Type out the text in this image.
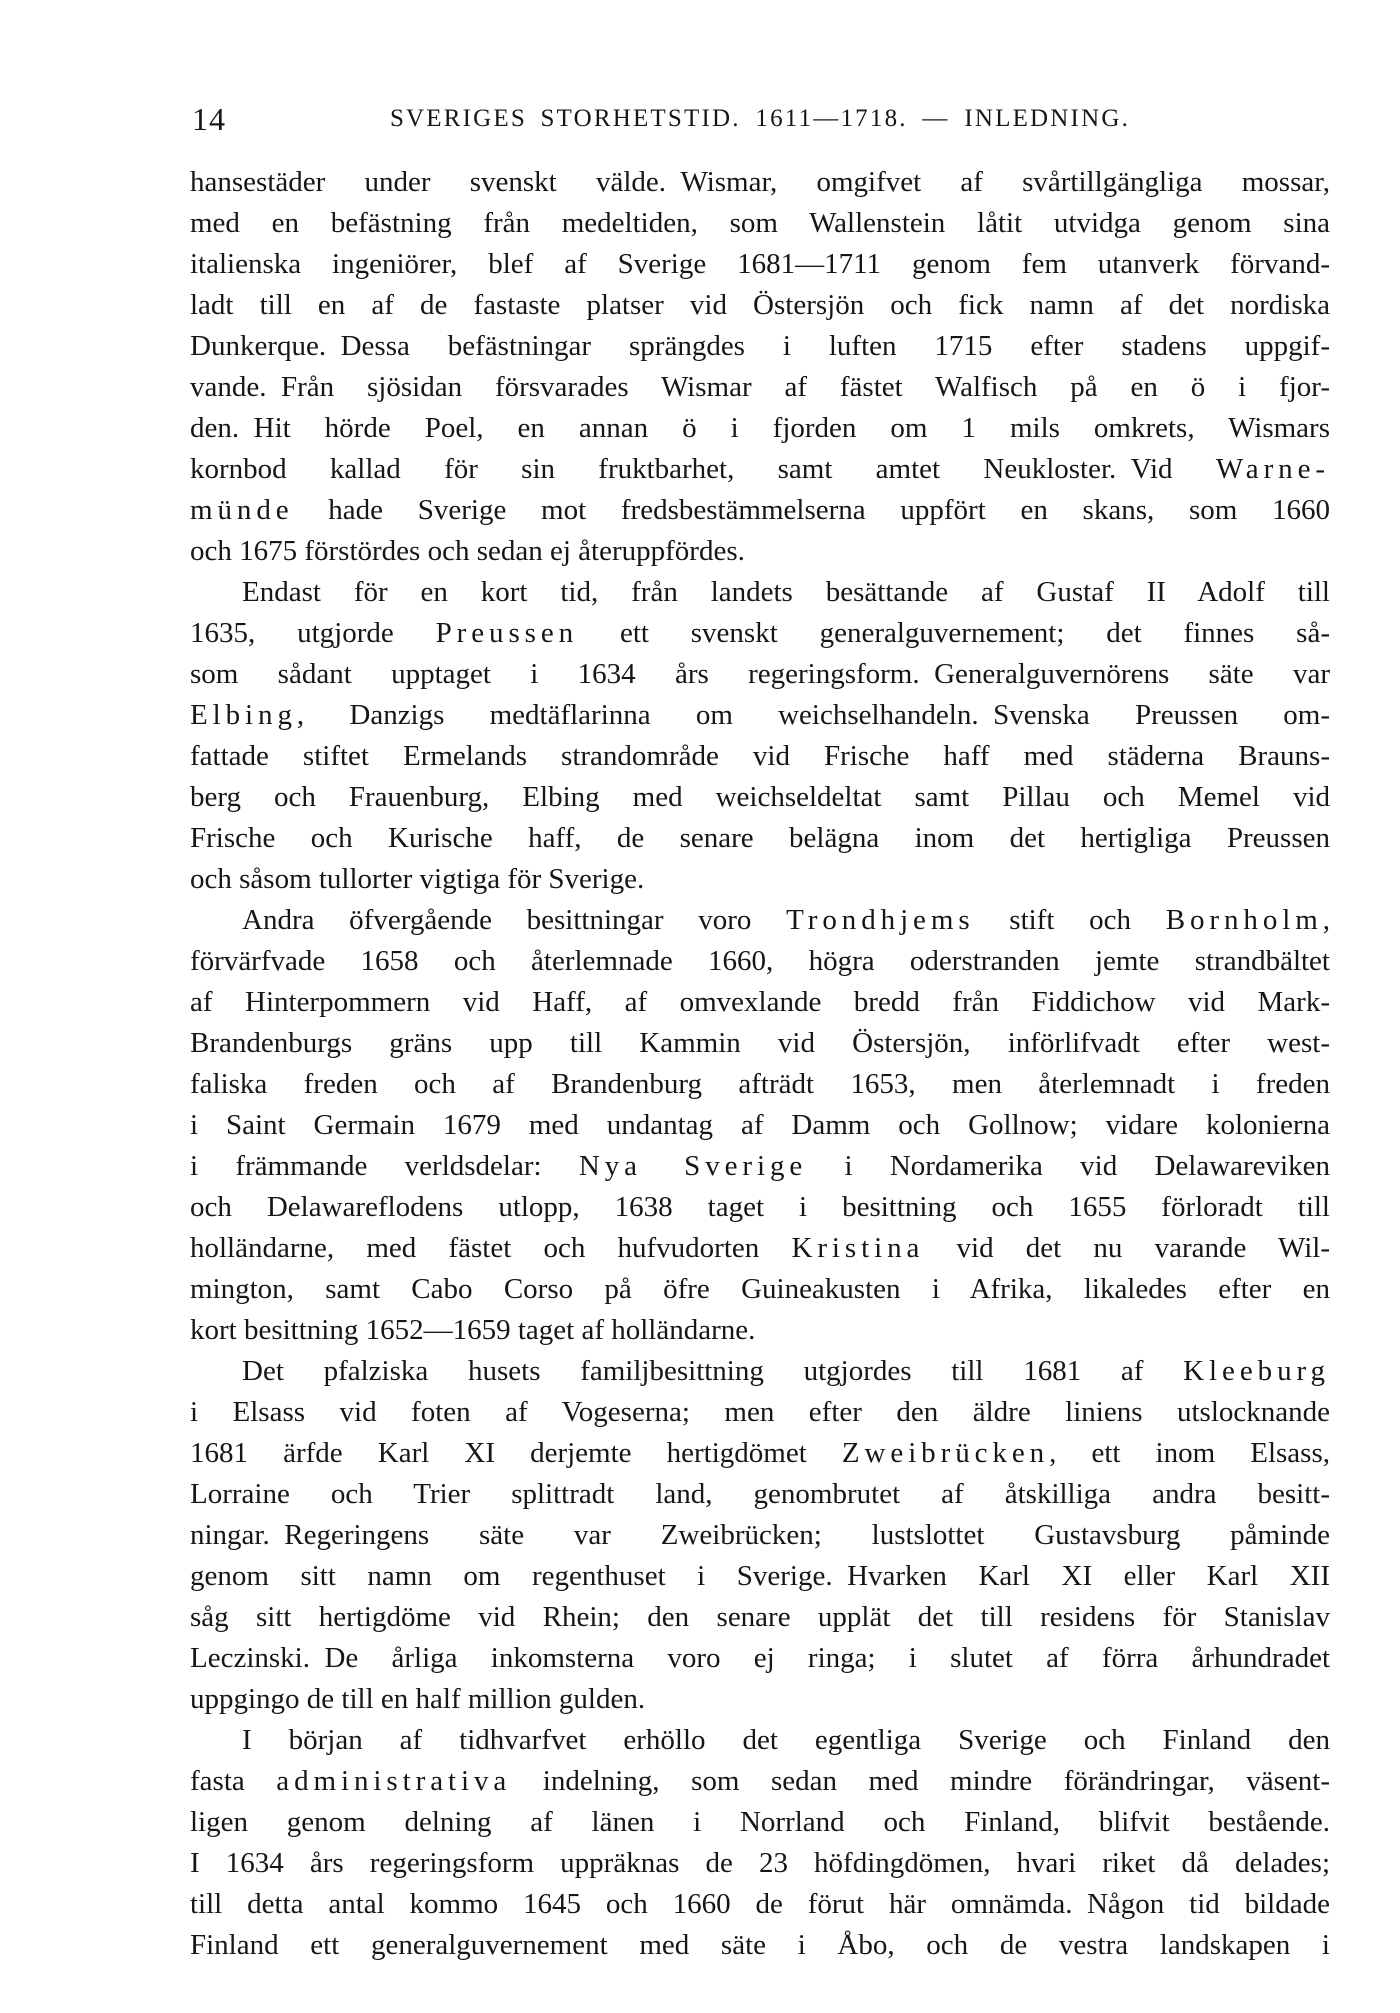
14	SVERIGES STORHETSTID. 1611—1718. — INLEDNING.
hansestäder under svenskt välde. Wismar, omgifvet af svårtillgängliga mossar,
med en befästning från medeltiden, som Wallenstein låtit utvidga genom sina
italienska ingeniörer, blef af Sverige 1681—1711 genom fem utanverk förvand-
ladt till en af de fastaste platser vid Östersjön och fick namn af det nordiska
Dunkerque. Dessa befästningar sprängdes i luften 1715 efter stadens uppgif-
vande. Från sjösidan försvarades Wismar af fästet Walfisch på en ö i fjor-
den. Hit hörde Poel, en annan ö i fjorden om 1 mils omkrets, Wismars
kornbod kallad för sin fruktbarhet, samt amtet Neukloster. Vid Warne-
münde hade Sverige mot fredsbestämmelserna uppfört en skans, som 1660
och 1675 förstördes och sedan ej återuppfördes.
Endast för en kort tid, från landets besättande af Gustaf II Adolf till
1635, utgjorde Preussen ett svenskt generalguvernement; det finnes så-
som sådant upptaget i 1634 års regeringsform. Generalguvernörens säte var
Elbing, Danzigs medtäflarinna om weichselhandeln. Svenska Preussen om-
fattade stiftet Ermelands strandområde vid Frische haff med städerna Brauns-
berg och Frauenburg, Elbing med weichseldeltat samt Pillau och Memel vid
Frische och Kurische haff, de senare belägna inom det hertigliga Preussen
och såsom tullorter vigtiga för Sverige.
Andra öfvergående besittningar voro Trondhjems stift och Bornholm,
förvärfvade 1658 och återlemnade 1660, högra oderstranden jemte strandbältet
af Hinterpommern vid Haff, af omvexlande bredd från Fiddichow vid Mark-
Brandenburgs gräns upp till Kammin vid Östersjön, införlifvadt efter west-
faliska freden och af Brandenburg afträdt 1653, men återlemnadt i freden
i Saint Germain 1679 med undantag af Damm och Gollnow; vidare kolonierna
i främmande verldsdelar: Nya Sverige i Nordamerika vid Delawareviken
och Delawareflodens utlopp, 1638 taget i besittning och 1655 förloradt till
holländarne, med fästet och hufvudorten Kristina vid det nu varande Wil-
mington, samt Cabo Corso på öfre Guineakusten i Afrika, likaledes efter en
kort besittning 1652—1659 taget af holländarne.
Det pfalziska husets familjbesittning utgjordes till 1681 af Kleeburg
i Elsass vid foten af Vogeserna; men efter den äldre liniens utslocknande
1681 ärfde Karl XI derjemte hertigdömet Zweibrücken, ett inom Elsass,
Lorraine och Trier splittradt land, genombrutet af åtskilliga andra besitt-
ningar. Regeringens säte var Zweibrücken; lustslottet Gustavsburg påminde
genom sitt namn om regenthuset i Sverige. Hvarken Karl XI eller Karl XII
såg sitt hertigdöme vid Rhein; den senare upplät det till residens för Stanislav
Leczinski. De årliga inkomsterna voro ej ringa; i slutet af förra århundradet
uppgingo de till en half million gulden.
I början af tidhvarfvet erhöllo det egentliga Sverige och Finland den
fasta administrativa indelning, som sedan med mindre förändringar, väsent-
ligen genom delning af länen i Norrland och Finland, blifvit bestående.
I 1634 års regeringsform uppräknas de 23 höfdingdömen, hvari riket då delades;
till detta antal kommo 1645 och 1660 de förut här omnämda. Någon tid bildade
Finland ett generalguvernement med säte i Åbo, och de vestra landskapen i
